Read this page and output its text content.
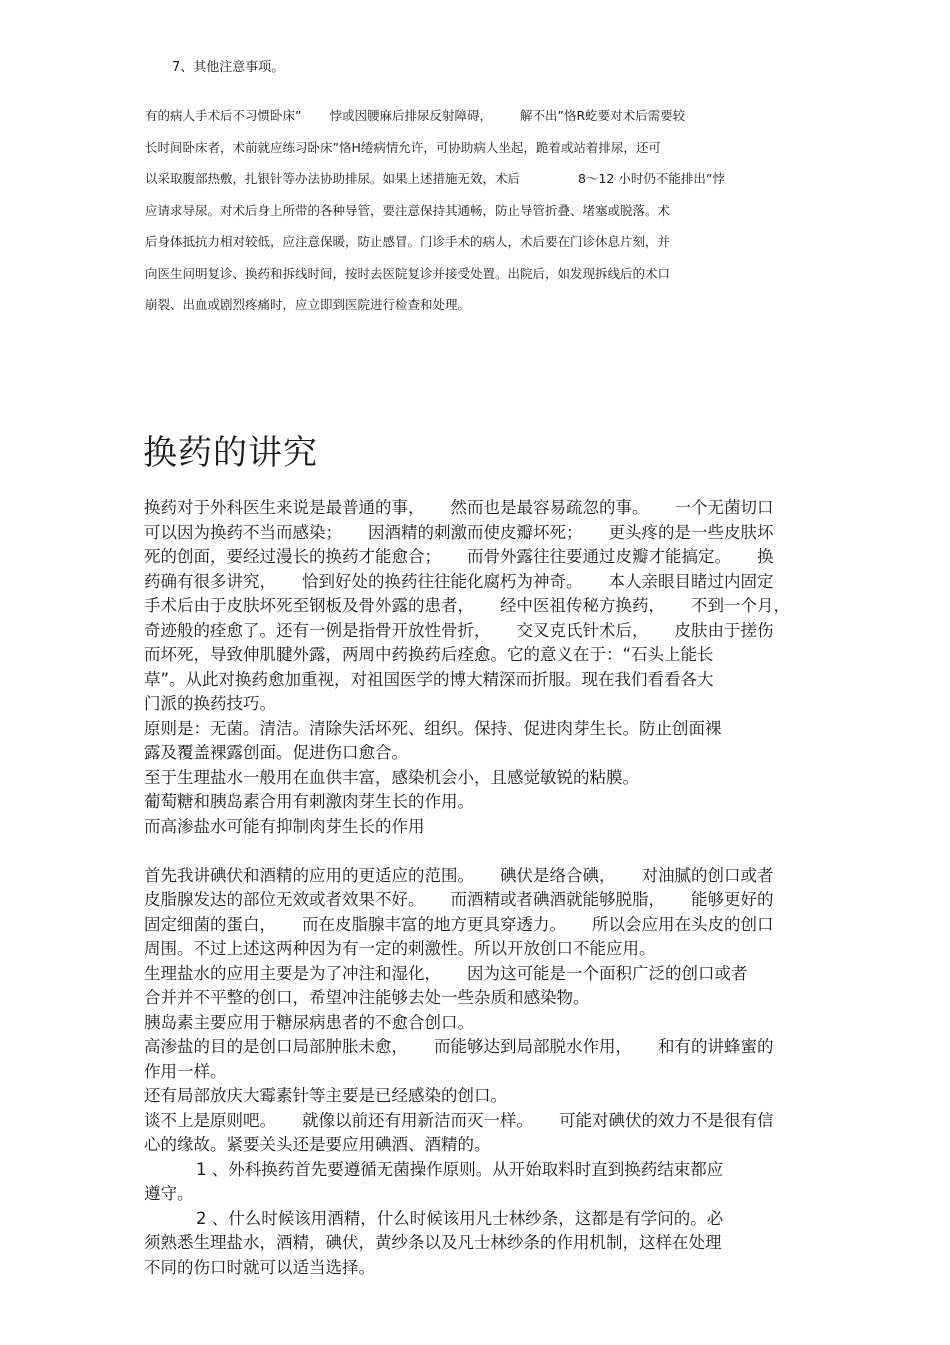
7、其他注意事项。
有的病人手术后不习惯卧床” 悖或因腰麻后排尿反射障碍， 解不出”恪R虼要对术后需要较
长时间卧床者，术前就应练习卧床”恪H绻病情允许，可协助病人坐起，跪着或站着排尿，还可
以采取腹部热敷，扎银针等办法协助排尿。如果上述措施无效，术后	8～12 小时仍不能排出”悖
应请求导尿。对术后身上所带的各种导管，要注意保持其通畅，防止导管折叠、堵塞或脱落。术
后身体抵抗力相对较低，应注意保暖，防止感冒。门诊手术的病人，术后要在门诊休息片刻，并
向医生问明复诊、换药和拆线时间，按时去医院复诊并接受处置。出院后，如发现拆线后的术口
崩裂、出血或剧烈疼痛时，应立即到医院进行检查和处理。
换药的讲究
换药对于外科医生来说是最普通的事， 然而也是最容易疏忽的事。 一个无菌切口
可以因为换药不当而感染； 因酒精的刺激而使皮瓣坏死； 更头疼的是一些皮肤坏
死的创面，要经过漫长的换药才能愈合； 而骨外露往往要通过皮瓣才能搞定。 换
药确有很多讲究， 恰到好处的换药往往能化腐朽为神奇。 本人亲眼目睹过内固定
手术后由于皮肤坏死至钢板及骨外露的患者， 经中医祖传秘方换药， 不到一个月，
奇迹般的痊愈了。还有一例是指骨开放性骨折， 交叉克氏针术后， 皮肤由于搓伤
而坏死，导致伸肌腱外露，两周中药换药后痊愈。它的意义在于：“石头上能长
草”。从此对换药愈加重视，对祖国医学的博大精深而折服。现在我们看看各大
门派的换药技巧。
原则是：无菌。清洁。清除失活坏死、组织。保持、促进肉芽生长。防止创面裸
露及覆盖裸露创面。促进伤口愈合。
至于生理盐水一般用在血供丰富，感染机会小，且感觉敏锐的粘膜。
葡萄糖和胰岛素合用有刺激肉芽生长的作用。
而高渗盐水可能有抑制肉芽生长的作用
首先我讲碘伏和酒精的应用的更适应的范围。 碘伏是络合碘， 对油腻的创口或者
皮脂腺发达的部位无效或者效果不好。 而酒精或者碘酒就能够脱脂， 能够更好的
固定细菌的蛋白， 而在皮脂腺丰富的地方更具穿透力。 所以会应用在头皮的创口
周围。不过上述这两种因为有一定的刺激性。所以开放创口不能应用。
生理盐水的应用主要是为了冲注和湿化， 因为这可能是一个面积广泛的创口或者
合并并不平整的创口，希望冲注能够去处一些杂质和感染物。
胰岛素主要应用于糖尿病患者的不愈合创口。
高渗盐的目的是创口局部肿胀未愈， 而能够达到局部脱水作用， 和有的讲蜂蜜的
作用一样。
还有局部放庆大霉素针等主要是已经感染的创口。
谈不上是原则吧。 就像以前还有用新洁而灭一样。 可能对碘伏的效力不是很有信
心的缘故。紧要关头还是要应用碘酒、酒精的。
1 、外科换药首先要遵循无菌操作原则。从开始取料时直到换药结束都应
遵守。
2 、什么时候该用酒精，什么时候该用凡士林纱条，这都是有学问的。必
须熟悉生理盐水，酒精，碘伏，黄纱条以及凡士林纱条的作用机制，这样在处理
不同的伤口时就可以适当选择。
